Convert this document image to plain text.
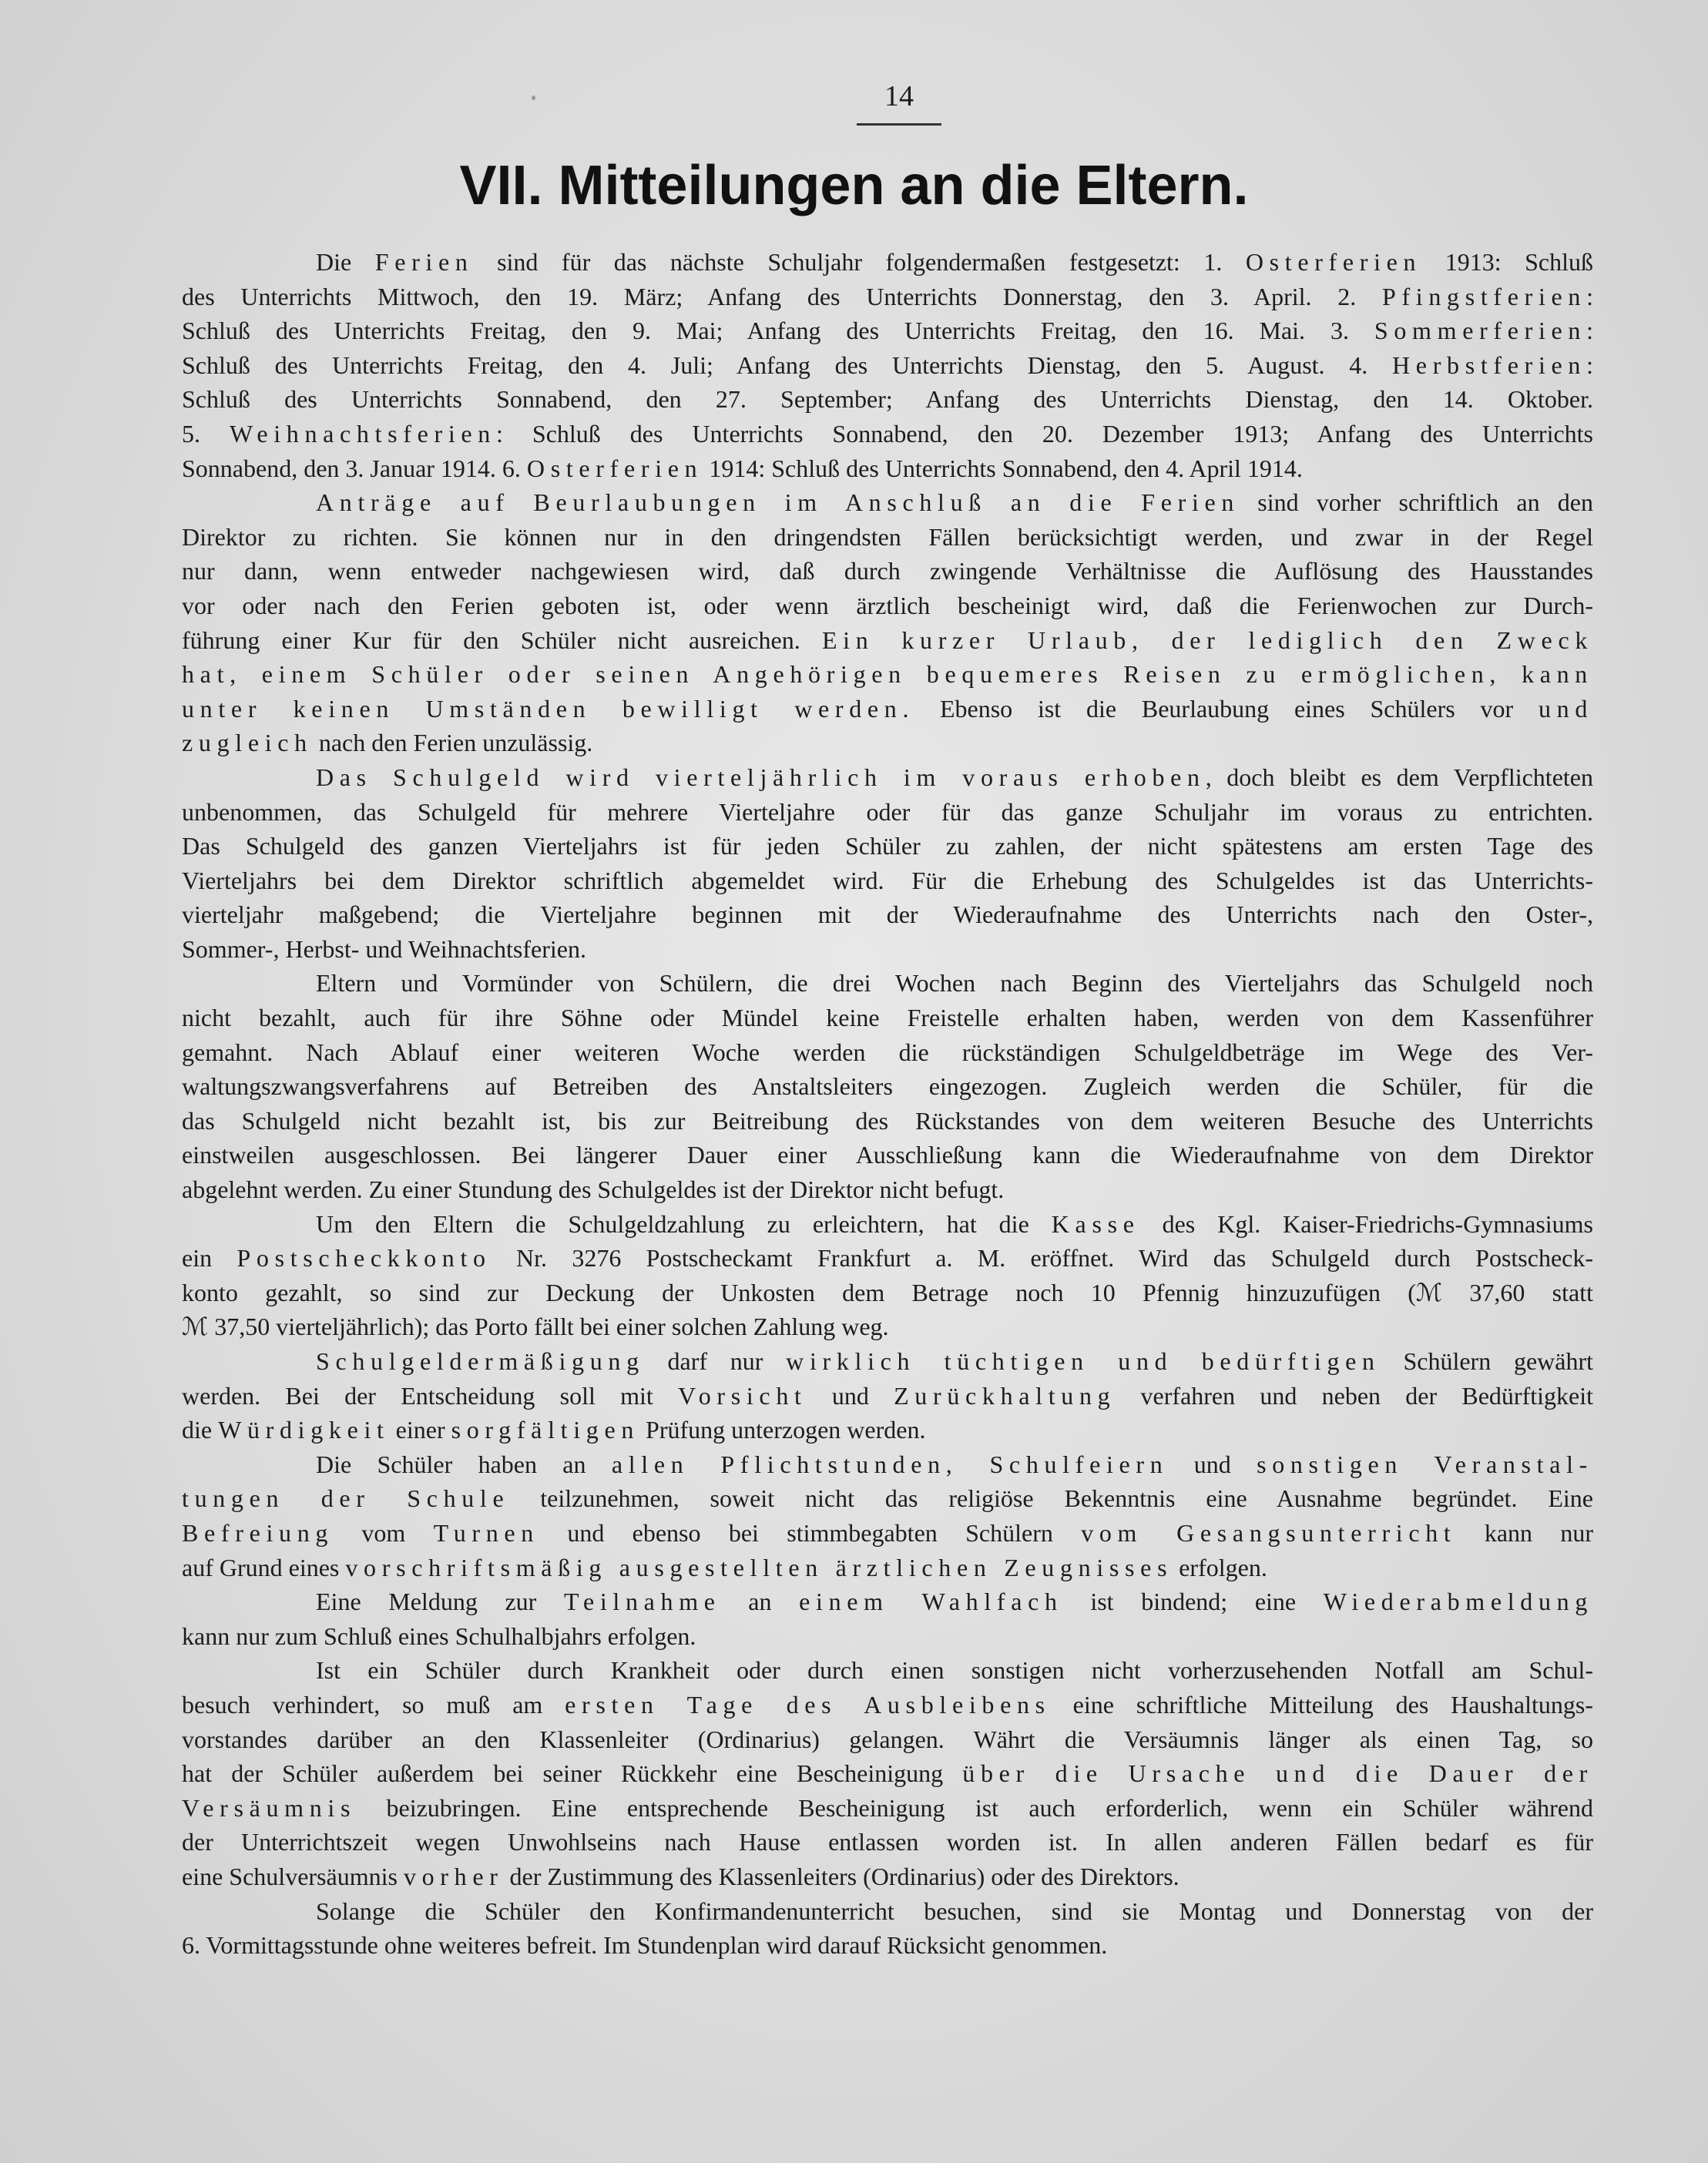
14
VII. Mitteilungen an die Eltern.
Die Ferien sind für das nächste Schuljahr folgendermaßen festgesetzt: 1. Osterferien 1913: Schluß
des Unterrichts Mittwoch, den 19. März; Anfang des Unterrichts Donnerstag, den 3. April. 2. Pfingstferien:
Schluß des Unterrichts Freitag, den 9. Mai; Anfang des Unterrichts Freitag, den 16. Mai. 3. Sommerferien:
Schluß des Unterrichts Freitag, den 4. Juli; Anfang des Unterrichts Dienstag, den 5. August. 4. Herbstferien:
Schluß des Unterrichts Sonnabend, den 27. September; Anfang des Unterrichts Dienstag, den 14. Oktober.
5. Weihnachtsferien: Schluß des Unterrichts Sonnabend, den 20. Dezember 1913; Anfang des Unterrichts
Sonnabend, den 3. Januar 1914. 6. Osterferien 1914: Schluß des Unterrichts Sonnabend, den 4. April 1914.
Anträge auf Beurlaubungen im Anschluß an die Ferien sind vorher schriftlich an den
Direktor zu richten. Sie können nur in den dringendsten Fällen berücksichtigt werden, und zwar in der Regel
nur dann, wenn entweder nachgewiesen wird, daß durch zwingende Verhältnisse die Auflösung des Hausstandes
vor oder nach den Ferien geboten ist, oder wenn ärztlich bescheinigt wird, daß die Ferienwochen zur Durch-
führung einer Kur für den Schüler nicht ausreichen. Ein kurzer Urlaub, der lediglich den Zweck
hat, einem Schüler oder seinen Angehörigen bequemeres Reisen zu ermöglichen, kann
unter keinen Umständen bewilligt werden. Ebenso ist die Beurlaubung eines Schülers vor und
zugleich nach den Ferien unzulässig.
Das Schulgeld wird vierteljährlich im voraus erhoben, doch bleibt es dem Verpflichteten
unbenommen, das Schulgeld für mehrere Vierteljahre oder für das ganze Schuljahr im voraus zu entrichten.
Das Schulgeld des ganzen Vierteljahrs ist für jeden Schüler zu zahlen, der nicht spätestens am ersten Tage des
Vierteljahrs bei dem Direktor schriftlich abgemeldet wird. Für die Erhebung des Schulgeldes ist das Unterrichts-
vierteljahr maßgebend; die Vierteljahre beginnen mit der Wiederaufnahme des Unterrichts nach den Oster-,
Sommer-, Herbst- und Weihnachtsferien.
Eltern und Vormünder von Schülern, die drei Wochen nach Beginn des Vierteljahrs das Schulgeld noch
nicht bezahlt, auch für ihre Söhne oder Mündel keine Freistelle erhalten haben, werden von dem Kassenführer
gemahnt. Nach Ablauf einer weiteren Woche werden die rückständigen Schulgeldbeträge im Wege des Ver-
waltungszwangsverfahrens auf Betreiben des Anstaltsleiters eingezogen. Zugleich werden die Schüler, für die
das Schulgeld nicht bezahlt ist, bis zur Beitreibung des Rückstandes von dem weiteren Besuche des Unterrichts
einstweilen ausgeschlossen. Bei längerer Dauer einer Ausschließung kann die Wiederaufnahme von dem Direktor
abgelehnt werden. Zu einer Stundung des Schulgeldes ist der Direktor nicht befugt.
Um den Eltern die Schulgeldzahlung zu erleichtern, hat die Kasse des Kgl. Kaiser-Friedrichs-Gymnasiums
ein Postscheckkonto Nr. 3276 Postscheckamt Frankfurt a. M. eröffnet. Wird das Schulgeld durch Postscheck-
konto gezahlt, so sind zur Deckung der Unkosten dem Betrage noch 10 Pfennig hinzuzufügen (ℳ 37,60 statt
ℳ 37,50 vierteljährlich); das Porto fällt bei einer solchen Zahlung weg.
Schulgeldermäßigung darf nur wirklich tüchtigen und bedürftigen Schülern gewährt
werden. Bei der Entscheidung soll mit Vorsicht und Zurückhaltung verfahren und neben der Bedürftigkeit
die Würdigkeit einer sorgfältigen Prüfung unterzogen werden.
Die Schüler haben an allen Pflichtstunden, Schulfeiern und sonstigen Veranstal-
tungen der Schule teilzunehmen, soweit nicht das religiöse Bekenntnis eine Ausnahme begründet. Eine
Befreiung vom Turnen und ebenso bei stimmbegabten Schülern vom Gesangsunterricht kann nur
auf Grund eines vorschriftsmäßig ausgestellten ärztlichen Zeugnisses erfolgen.
Eine Meldung zur Teilnahme an einem Wahlfach ist bindend; eine Wiederabmeldung
kann nur zum Schluß eines Schulhalbjahrs erfolgen.
Ist ein Schüler durch Krankheit oder durch einen sonstigen nicht vorherzusehenden Notfall am Schul-
besuch verhindert, so muß am ersten Tage des Ausbleibens eine schriftliche Mitteilung des Haushaltungs-
vorstandes darüber an den Klassenleiter (Ordinarius) gelangen. Währt die Versäumnis länger als einen Tag, so
hat der Schüler außerdem bei seiner Rückkehr eine Bescheinigung über die Ursache und die Dauer der
Versäumnis beizubringen. Eine entsprechende Bescheinigung ist auch erforderlich, wenn ein Schüler während
der Unterrichtszeit wegen Unwohlseins nach Hause entlassen worden ist. In allen anderen Fällen bedarf es für
eine Schulversäumnis vorher der Zustimmung des Klassenleiters (Ordinarius) oder des Direktors.
Solange die Schüler den Konfirmandenunterricht besuchen, sind sie Montag und Donnerstag von der
6. Vormittagsstunde ohne weiteres befreit. Im Stundenplan wird darauf Rücksicht genommen.
